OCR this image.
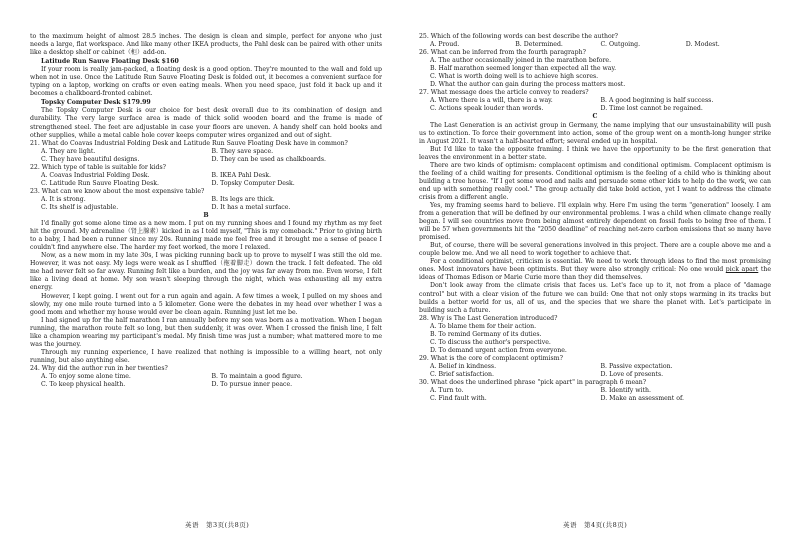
to the maximum height of almost 28.5 inches. The design is clean and simple, perfect for anyone who just needs a large, flat workspace. And like many other IKEA products, the Pahl desk can be paired with other units like a desktop shelf or cabinet（柜）add-on.

Latitude Run Sauve Floating Desk $160

If your room is really jam-packed, a floating desk is a good option. They're mounted to the wall and fold up when not in use. Once the Latitude Run Sauve Floating Desk is folded out, it becomes a convenient surface for typing on a laptop, working on crafts or even eating meals. When you need space, just fold it back up and it becomes a chalkboard-fronted cabinet.

Topsky Computer Desk $179.99

The Topsky Computer Desk is our choice for best desk overall due to its combination of design and durability. The very large surface area is made of thick solid wooden board and the frame is made of strengthened steel. The feet are adjustable in case your floors are uneven. A handy shelf can hold books and other supplies, while a metal cable hole cover keeps computer wires organized and out of sight.

21. What do Coavas Industrial Folding Desk and Latitude Run Sauve Floating Desk have in common?

A. They are light.	B. They save space.
C. They have beautiful designs.	D. They can be used as chalkboards.

22. Which type of table is suitable for kids?

A. Coavas Industrial Folding Desk.	B. IKEA Pahl Desk.
C. Latitude Run Sauve Floating Desk.	D. Topsky Computer Desk.

23. What can we know about the most expensive table?

A. It is strong.	B. Its legs are thick.
C. Its shelf is adjustable.	D. It has a metal surface.

B

I'd finally got some alone time as a new mom. I put on my running shoes and I found my rhythm as my feet hit the ground. My adrenaline（肾上腺素）kicked in as I told myself, "This is my comeback." Prior to giving birth to a baby, I had been a runner since my 20s. Running made me feel free and it brought me a sense of peace I couldn't find anywhere else. The harder my feet worked, the more I relaxed.

Now, as a new mom in my late 30s, I was picking running back up to prove to myself I was still the old me. However, it was not easy. My legs were weak as I shuffled（拖着脚走）down the track. I felt defeated. The old me had never felt so far away. Running felt like a burden, and the joy was far away from me. Even worse, I felt like a living dead at home. My son wasn't sleeping through the night, which was exhausting all my extra energy.

However, I kept going. I went out for a run again and again. A few times a week, I pulled on my shoes and slowly, my one mile route turned into a 5 kilometer. Gone were the debates in my head over whether I was a good mom and whether my house would ever be clean again. Running just let me be.

I had signed up for the half marathon I ran annually before my son was born as a motivation. When I began running, the marathon route felt so long, but then suddenly, it was over. When I crossed the finish line, I felt like a champion wearing my participant's medal. My finish time was just a number; what mattered more to me was the journey.

Through my running experience, I have realized that nothing is impossible to a willing heart, not only running, but also anything else.

24. Why did the author run in her twenties?

A. To enjoy some alone time.	B. To maintain a good figure.
C. To keep physical health.	D. To pursue inner peace.

25. Which of the following words can best describe the author?

A. Proud.	B. Determined.	C. Outgoing.	D. Modest.

26. What can be inferred from the fourth paragraph?

A. The author occasionally joined in the marathon before.

B. Half marathon seemed longer than expected all the way.

C. What is worth doing well is to achieve high scores.

D. What the author can gain during the process matters most.

27. What message does the article convey to readers?

A. Where there is a will, there is a way.	B. A good beginning is half success.
C. Actions speak louder than words.	D. Time lost cannot be regained.

C

The Last Generation is an activist group in Germany, the name implying that our unsustainability will push us to extinction. To force their government into action, some of the group went on a month-long hunger strike in August 2021. It wasn't a half-hearted effort; several ended up in hospital.

But I'd like to take the opposite framing. I think we have the opportunity to be the first generation that leaves the environment in a better state.

There are two kinds of optimism: complacent optimism and conditional optimism. Complacent optimism is the feeling of a child waiting for presents. Conditional optimism is the feeling of a child who is thinking about building a tree house. "If I get some wood and nails and persuade some other kids to help do the work, we can end up with something really cool." The group actually did take bold action, yet I want to address the climate crisis from a different angle.

Yes, my framing seems hard to believe. I'll explain why. Here I'm using the term "generation" loosely. I am from a generation that will be defined by our environmental problems. I was a child when climate change really began. I will see countries move from being almost entirely dependent on fossil fuels to being free of them. I will be 57 when governments hit the "2050 deadline" of reaching net-zero carbon emissions that so many have promised.

But, of course, there will be several generations involved in this project. There are a couple above me and a couple below me. And we all need to work together to achieve that.

For a conditional optimist, criticism is essential. We need to work through ideas to find the most promising ones. Most innovators have been optimists. But they were also strongly critical: No one would pick apart the ideas of Thomas Edison or Marie Curie more than they did themselves.

Don't look away from the climate crisis that faces us. Let's face up to it, not from a place of "damage control" but with a clear vision of the future we can build: One that not only stops warming in its tracks but builds a better world for us, all of us, and the species that we share the planet with. Let's participate in building such a future.

28. Why is The Last Generation introduced?

A. To blame them for their action.

B. To remind Germany of its duties.

C. To discuss the author's perspective.

D. To demand urgent action from everyone.

29. What is the core of complacent optimism?

A. Belief in kindness.	B. Passive expectation.
C. Brief satisfaction.	D. Love of presents.

30. What does the underlined phrase "pick apart" in paragraph 6 mean?

A. Turn to.	B. Identify with.
C. Find fault with.	D. Make an assessment of.
英语　第3页(共8页)	英语　第4页(共8页)
